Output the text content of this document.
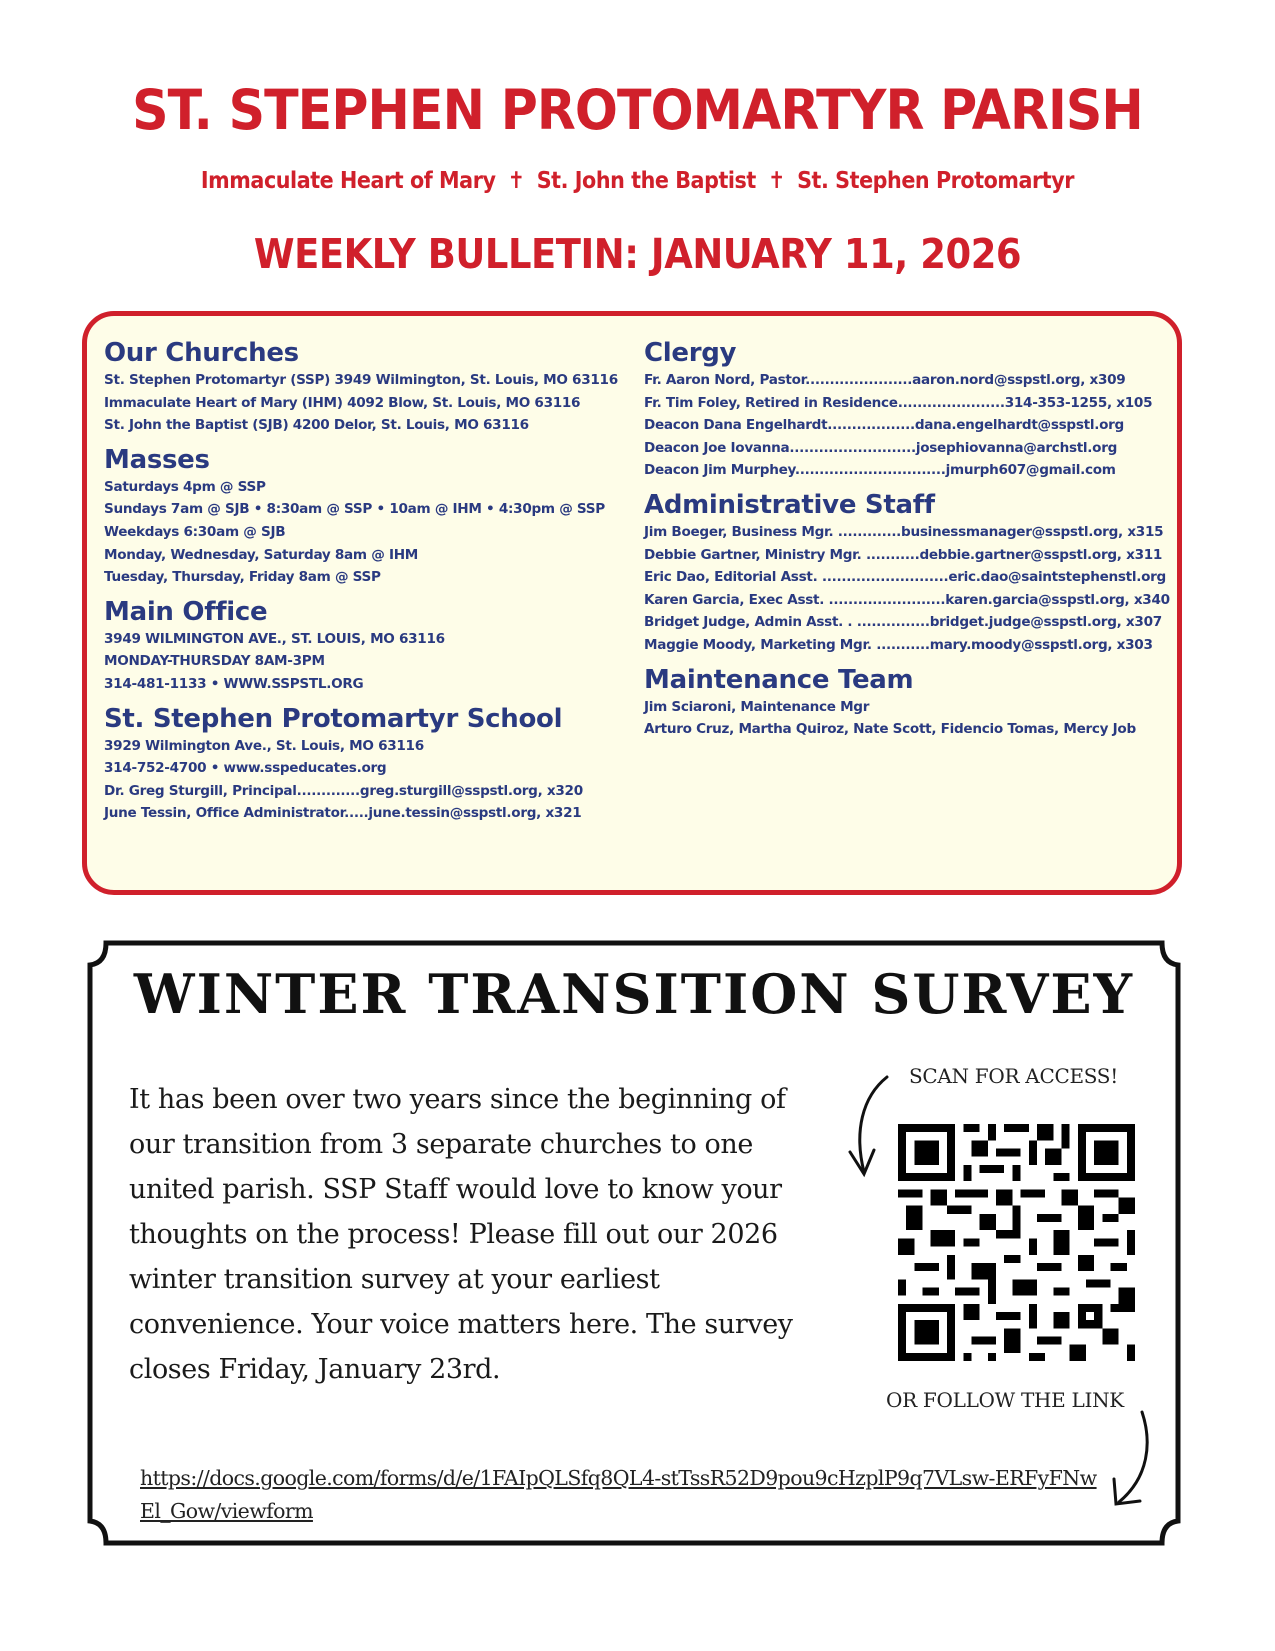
ST. STEPHEN PROTOMARTYR PARISH
Immaculate Heart of Mary ✝ St. John the Baptist ✝ St. Stephen Protomartyr
WEEKLY BULLETIN: JANUARY 11, 2026
Our Churches
St. Stephen Protomartyr (SSP) 3949 Wilmington, St. Louis, MO 63116
Immaculate Heart of Mary (IHM) 4092 Blow, St. Louis, MO 63116
St. John the Baptist (SJB) 4200 Delor, St. Louis, MO 63116
Masses
Saturdays 4pm @ SSP
Sundays 7am @ SJB • 8:30am @ SSP • 10am @ IHM • 4:30pm @ SSP
Weekdays 6:30am @ SJB
Monday, Wednesday, Saturday 8am @ IHM
Tuesday, Thursday, Friday 8am @ SSP
Main Office
3949 WILMINGTON AVE., ST. LOUIS, MO 63116
MONDAY-THURSDAY 8AM-3PM
314-481-1133 • WWW.SSPSTL.ORG
St. Stephen Protomartyr School
3929 Wilmington Ave., St. Louis, MO 63116
314-752-4700 • www.sspeducates.org
Dr. Greg Sturgill, Principal.............greg.sturgill@sspstl.org, x320
June Tessin, Office Administrator.....june.tessin@sspstl.org, x321
Clergy
Fr. Aaron Nord, Pastor......................aaron.nord@sspstl.org, x309
Fr. Tim Foley, Retired in Residence......................314-353-1255, x105
Deacon Dana Engelhardt..................dana.engelhardt@sspstl.org
Deacon Joe Iovanna..........................josephiovanna@archstl.org
Deacon Jim Murphey...............................jmurph607@gmail.com
Administrative Staff
Jim Boeger, Business Mgr. .............businessmanager@sspstl.org, x315
Debbie Gartner, Ministry Mgr. ...........debbie.gartner@sspstl.org, x311
Eric Dao, Editorial Asst. ..........................eric.dao@saintstephenstl.org
Karen Garcia, Exec Asst. ........................karen.garcia@sspstl.org, x340
Bridget Judge, Admin Asst. . ...............bridget.judge@sspstl.org, x307
Maggie Moody, Marketing Mgr. ...........mary.moody@sspstl.org, x303
Maintenance Team
Jim Sciaroni, Maintenance Mgr
Arturo Cruz, Martha Quiroz, Nate Scott, Fidencio Tomas, Mercy Job
WINTER TRANSITION SURVEY
It has been over two years since the beginning of our transition from 3 separate churches to one united parish. SSP Staff would love to know your thoughts on the process! Please fill out our 2026 winter transition survey at your earliest convenience. Your voice matters here. The survey closes Friday, January 23rd.
SCAN FOR ACCESS!
OR FOLLOW THE LINK
https://docs.google.com/forms/d/e/1FAIpQLSfq8QL4-stTssR52D9pou9cHzplP9q7VLsw-ERFyFNwEl_Gow/viewform
